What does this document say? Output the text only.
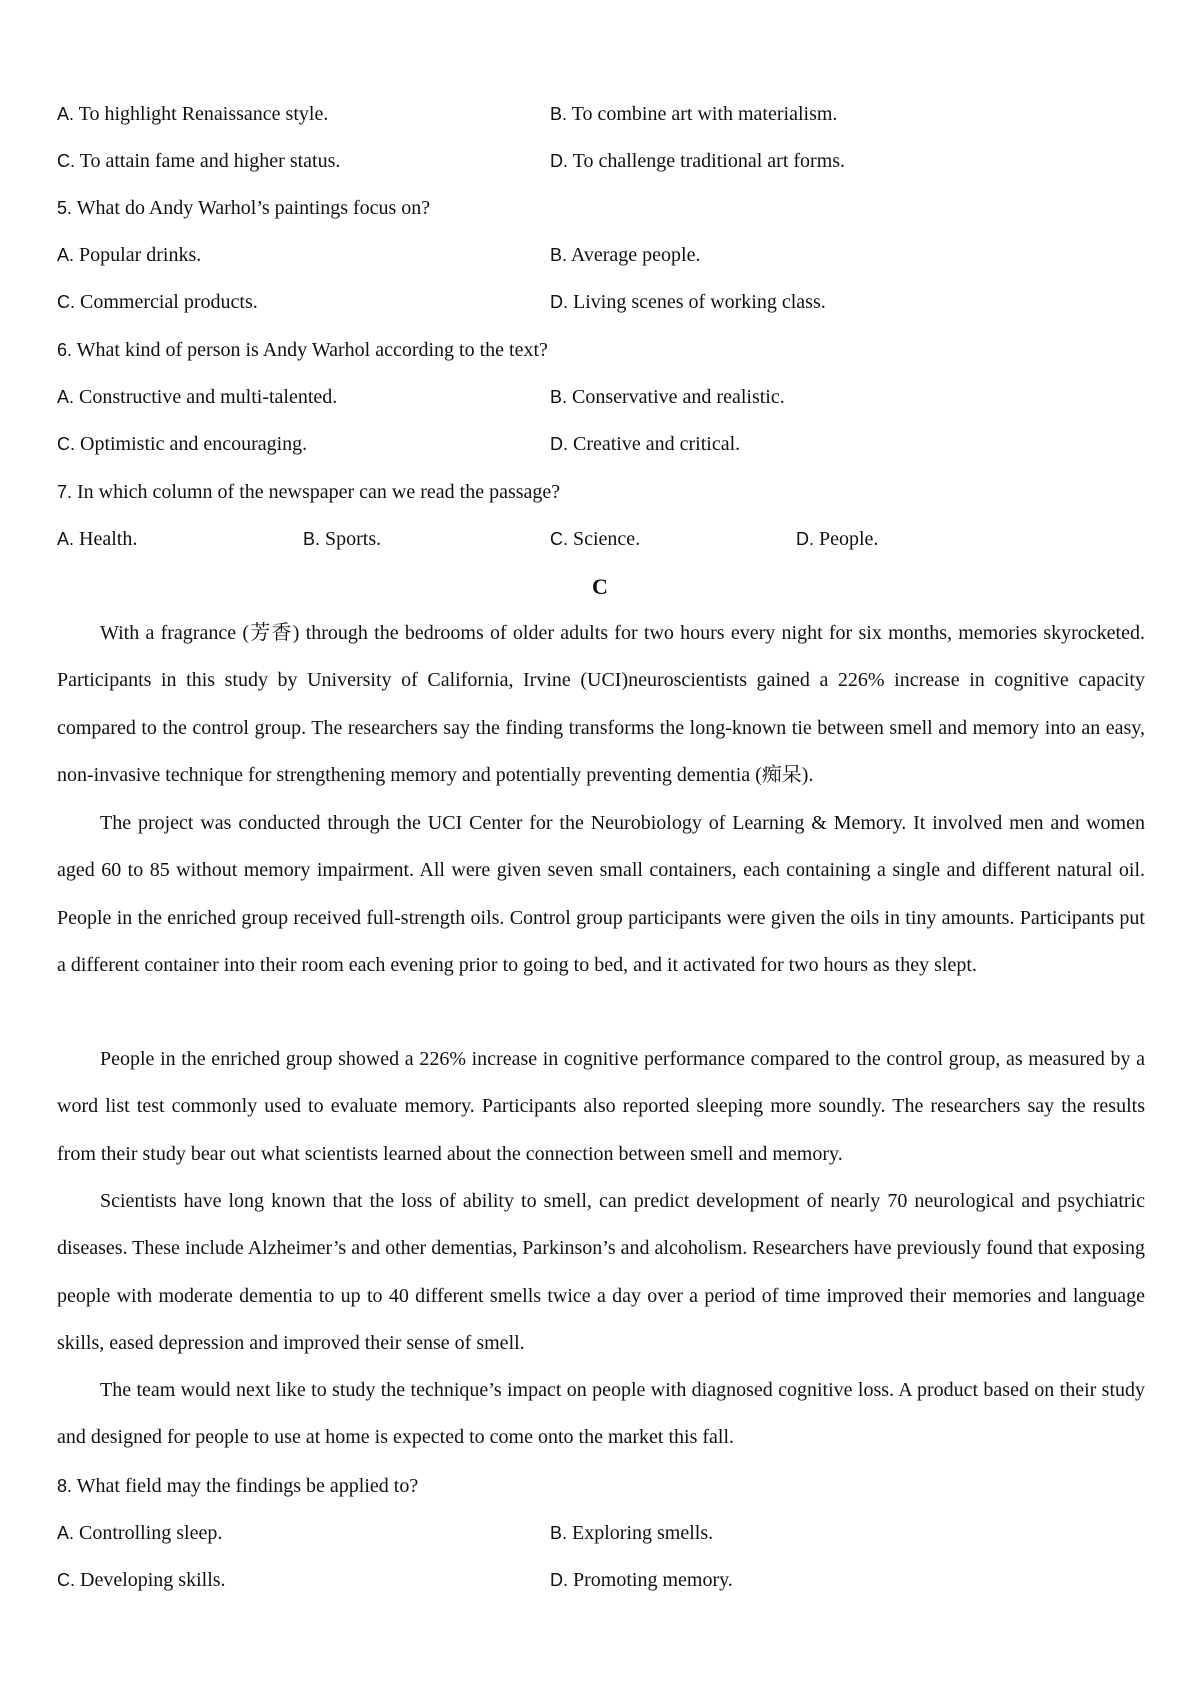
A. To highlight Renaissance style.	B. To combine art with materialism.
C. To attain fame and higher status.	D. To challenge traditional art forms.
5. What do Andy Warhol’s paintings focus on?
A. Popular drinks.	B. Average people.
C. Commercial products.	D. Living scenes of working class.
6. What kind of person is Andy Warhol according to the text?
A. Constructive and multi-talented.	B. Conservative and realistic.
C. Optimistic and encouraging.	D. Creative and critical.
7. In which column of the newspaper can we read the passage?
A. Health.	B. Sports.	C. Science.	D. People.
C

With a fragrance (芳香) through the bedrooms of older adults for two hours every night for six months, memories skyrocketed. Participants in this study by University of California, Irvine (UCI)neuroscientists gained a 226% increase in cognitive capacity compared to the control group. The researchers say the finding transforms the long-known tie between smell and memory into an easy, non-invasive technique for strengthening memory and potentially preventing dementia (痴呆).

The project was conducted through the UCI Center for the Neurobiology of Learning & Memory. It involved men and women aged 60 to 85 without memory impairment. All were given seven small containers, each containing a single and different natural oil. People in the enriched group received full-strength oils. Control group participants were given the oils in tiny amounts. Participants put a different container into their room each evening prior to going to bed, and it activated for two hours as they slept.

People in the enriched group showed a 226% increase in cognitive performance compared to the control group, as measured by a word list test commonly used to evaluate memory. Participants also reported sleeping more soundly. The researchers say the results from their study bear out what scientists learned about the connection between smell and memory.

Scientists have long known that the loss of ability to smell, can predict development of nearly 70 neurological and psychiatric diseases. These include Alzheimer’s and other dementias, Parkinson’s and alcoholism. Researchers have previously found that exposing people with moderate dementia to up to 40 different smells twice a day over a period of time improved their memories and language skills, eased depression and improved their sense of smell.

The team would next like to study the technique’s impact on people with diagnosed cognitive loss. A product based on their study and designed for people to use at home is expected to come onto the market this fall.

8. What field may the findings be applied to?
A. Controlling sleep.	B. Exploring smells.
C. Developing skills.	D. Promoting memory.
